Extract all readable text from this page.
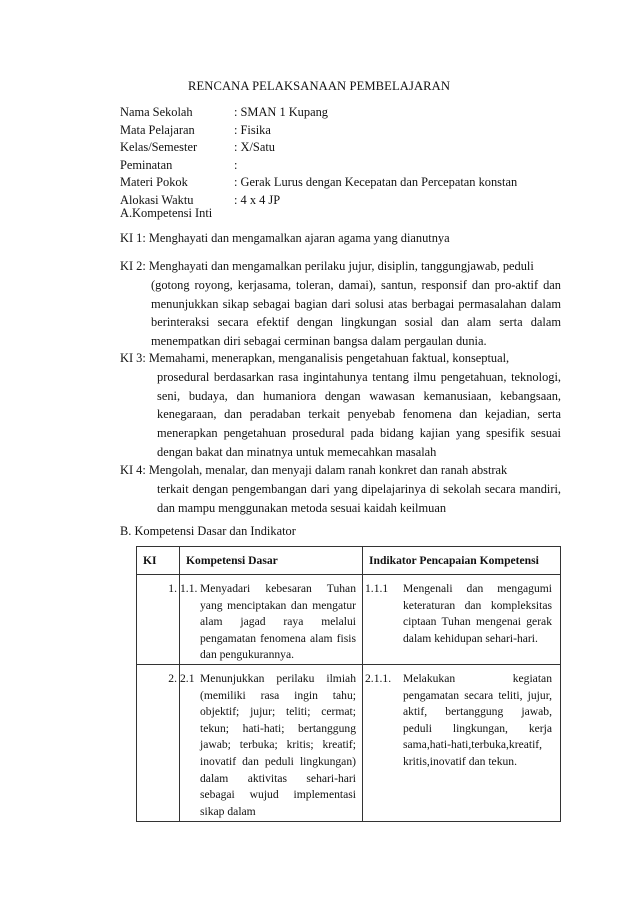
RENCANA PELAKSANAAN PEMBELAJARAN
Nama Sekolah	: SMAN 1 Kupang
Mata Pelajaran	: Fisika
Kelas/Semester	: X/Satu
Peminatan	:
Materi Pokok	: Gerak Lurus dengan Kecepatan dan Percepatan konstan
Alokasi Waktu	: 4 x 4 JP
A.Kompetensi Inti
KI 1: Menghayati dan mengamalkan ajaran agama yang dianutnya
KI 2: Menghayati dan mengamalkan perilaku jujur, disiplin, tanggungjawab, peduli
(gotong royong, kerjasama, toleran, damai), santun, responsif dan pro-aktif dan menunjukkan sikap sebagai bagian dari solusi atas berbagai permasalahan dalam berinteraksi secara efektif dengan lingkungan sosial dan alam serta dalam menempatkan diri sebagai cerminan bangsa dalam pergaulan dunia.
KI 3: Memahami, menerapkan, menganalisis pengetahuan faktual, konseptual,
prosedural berdasarkan rasa ingintahunya tentang ilmu pengetahuan, teknologi, seni, budaya, dan humaniora dengan wawasan kemanusiaan, kebangsaan, kenegaraan, dan peradaban terkait penyebab fenomena dan kejadian, serta menerapkan pengetahuan prosedural pada bidang kajian yang spesifik sesuai dengan bakat dan minatnya untuk memecahkan masalah
KI 4: Mengolah, menalar, dan menyaji dalam ranah konkret dan ranah abstrak
terkait dengan pengembangan dari yang dipelajarinya di sekolah secara mandiri, dan mampu menggunakan metoda sesuai kaidah keilmuan
B. Kompetensi Dasar dan Indikator
KI	Kompetensi Dasar	Indikator Pencapaian Kompetensi
1.	1.1. Menyadari kebesaran Tuhan yang menciptakan dan mengatur alam jagad raya melalui pengamatan fenomena alam fisis dan pengukurannya.	1.1.1 Mengenali dan mengagumi keteraturan dan kompleksitas ciptaan Tuhan mengenai gerak dalam kehidupan sehari-hari.

2.	2.1 Menunjukkan perilaku ilmiah (memiliki rasa ingin tahu; objektif; jujur; teliti; cermat; tekun; hati-hati; bertanggung jawab; terbuka; kritis; kreatif; inovatif dan peduli lingkungan) dalam aktivitas sehari-hari sebagai wujud implementasi sikap dalam	2.1.1. Melakukan kegiatan pengamatan secara teliti, jujur, aktif, bertanggung jawab, peduli lingkungan, kerja sama,hati-hati,terbuka,kreatif, kritis,inovatif dan tekun.
